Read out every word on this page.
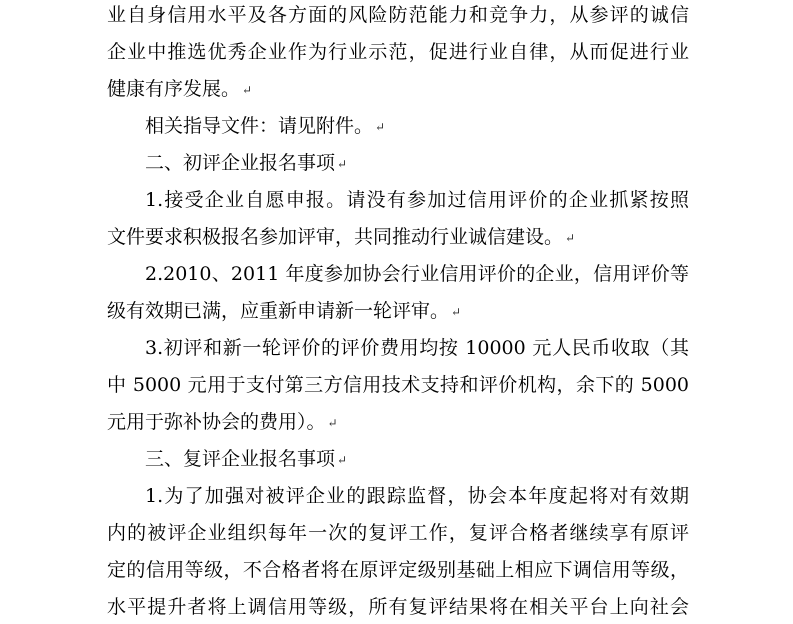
业自身信用水平及各方面的风险防范能力和竞争力，从参评的诚信
企业中推选优秀企业作为行业示范，促进行业自律，从而促进行业
健康有序发展。 ↵
相关指导文件：请见附件。 ↵
二、初评企业报名事项 ↵
1.接受企业自愿申报。请没有参加过信用评价的企业抓紧按照
文件要求积极报名参加评审，共同推动行业诚信建设。 ↵
2.2010、2011 年度参加协会行业信用评价的企业，信用评价等
级有效期已满，应重新申请新一轮评审。 ↵
3.初评和新一轮评价的评价费用均按 10000 元人民币收取（其
中 5000 元用于支付第三方信用技术支持和评价机构，余下的 5000
元用于弥补协会的费用）。 ↵
三、复评企业报名事项 ↵
1.为了加强对被评企业的跟踪监督，协会本年度起将对有效期
内的被评企业组织每年一次的复评工作，复评合格者继续享有原评
定的信用等级，不合格者将在原评定级别基础上相应下调信用等级，
水平提升者将上调信用等级，所有复评结果将在相关平台上向社会
